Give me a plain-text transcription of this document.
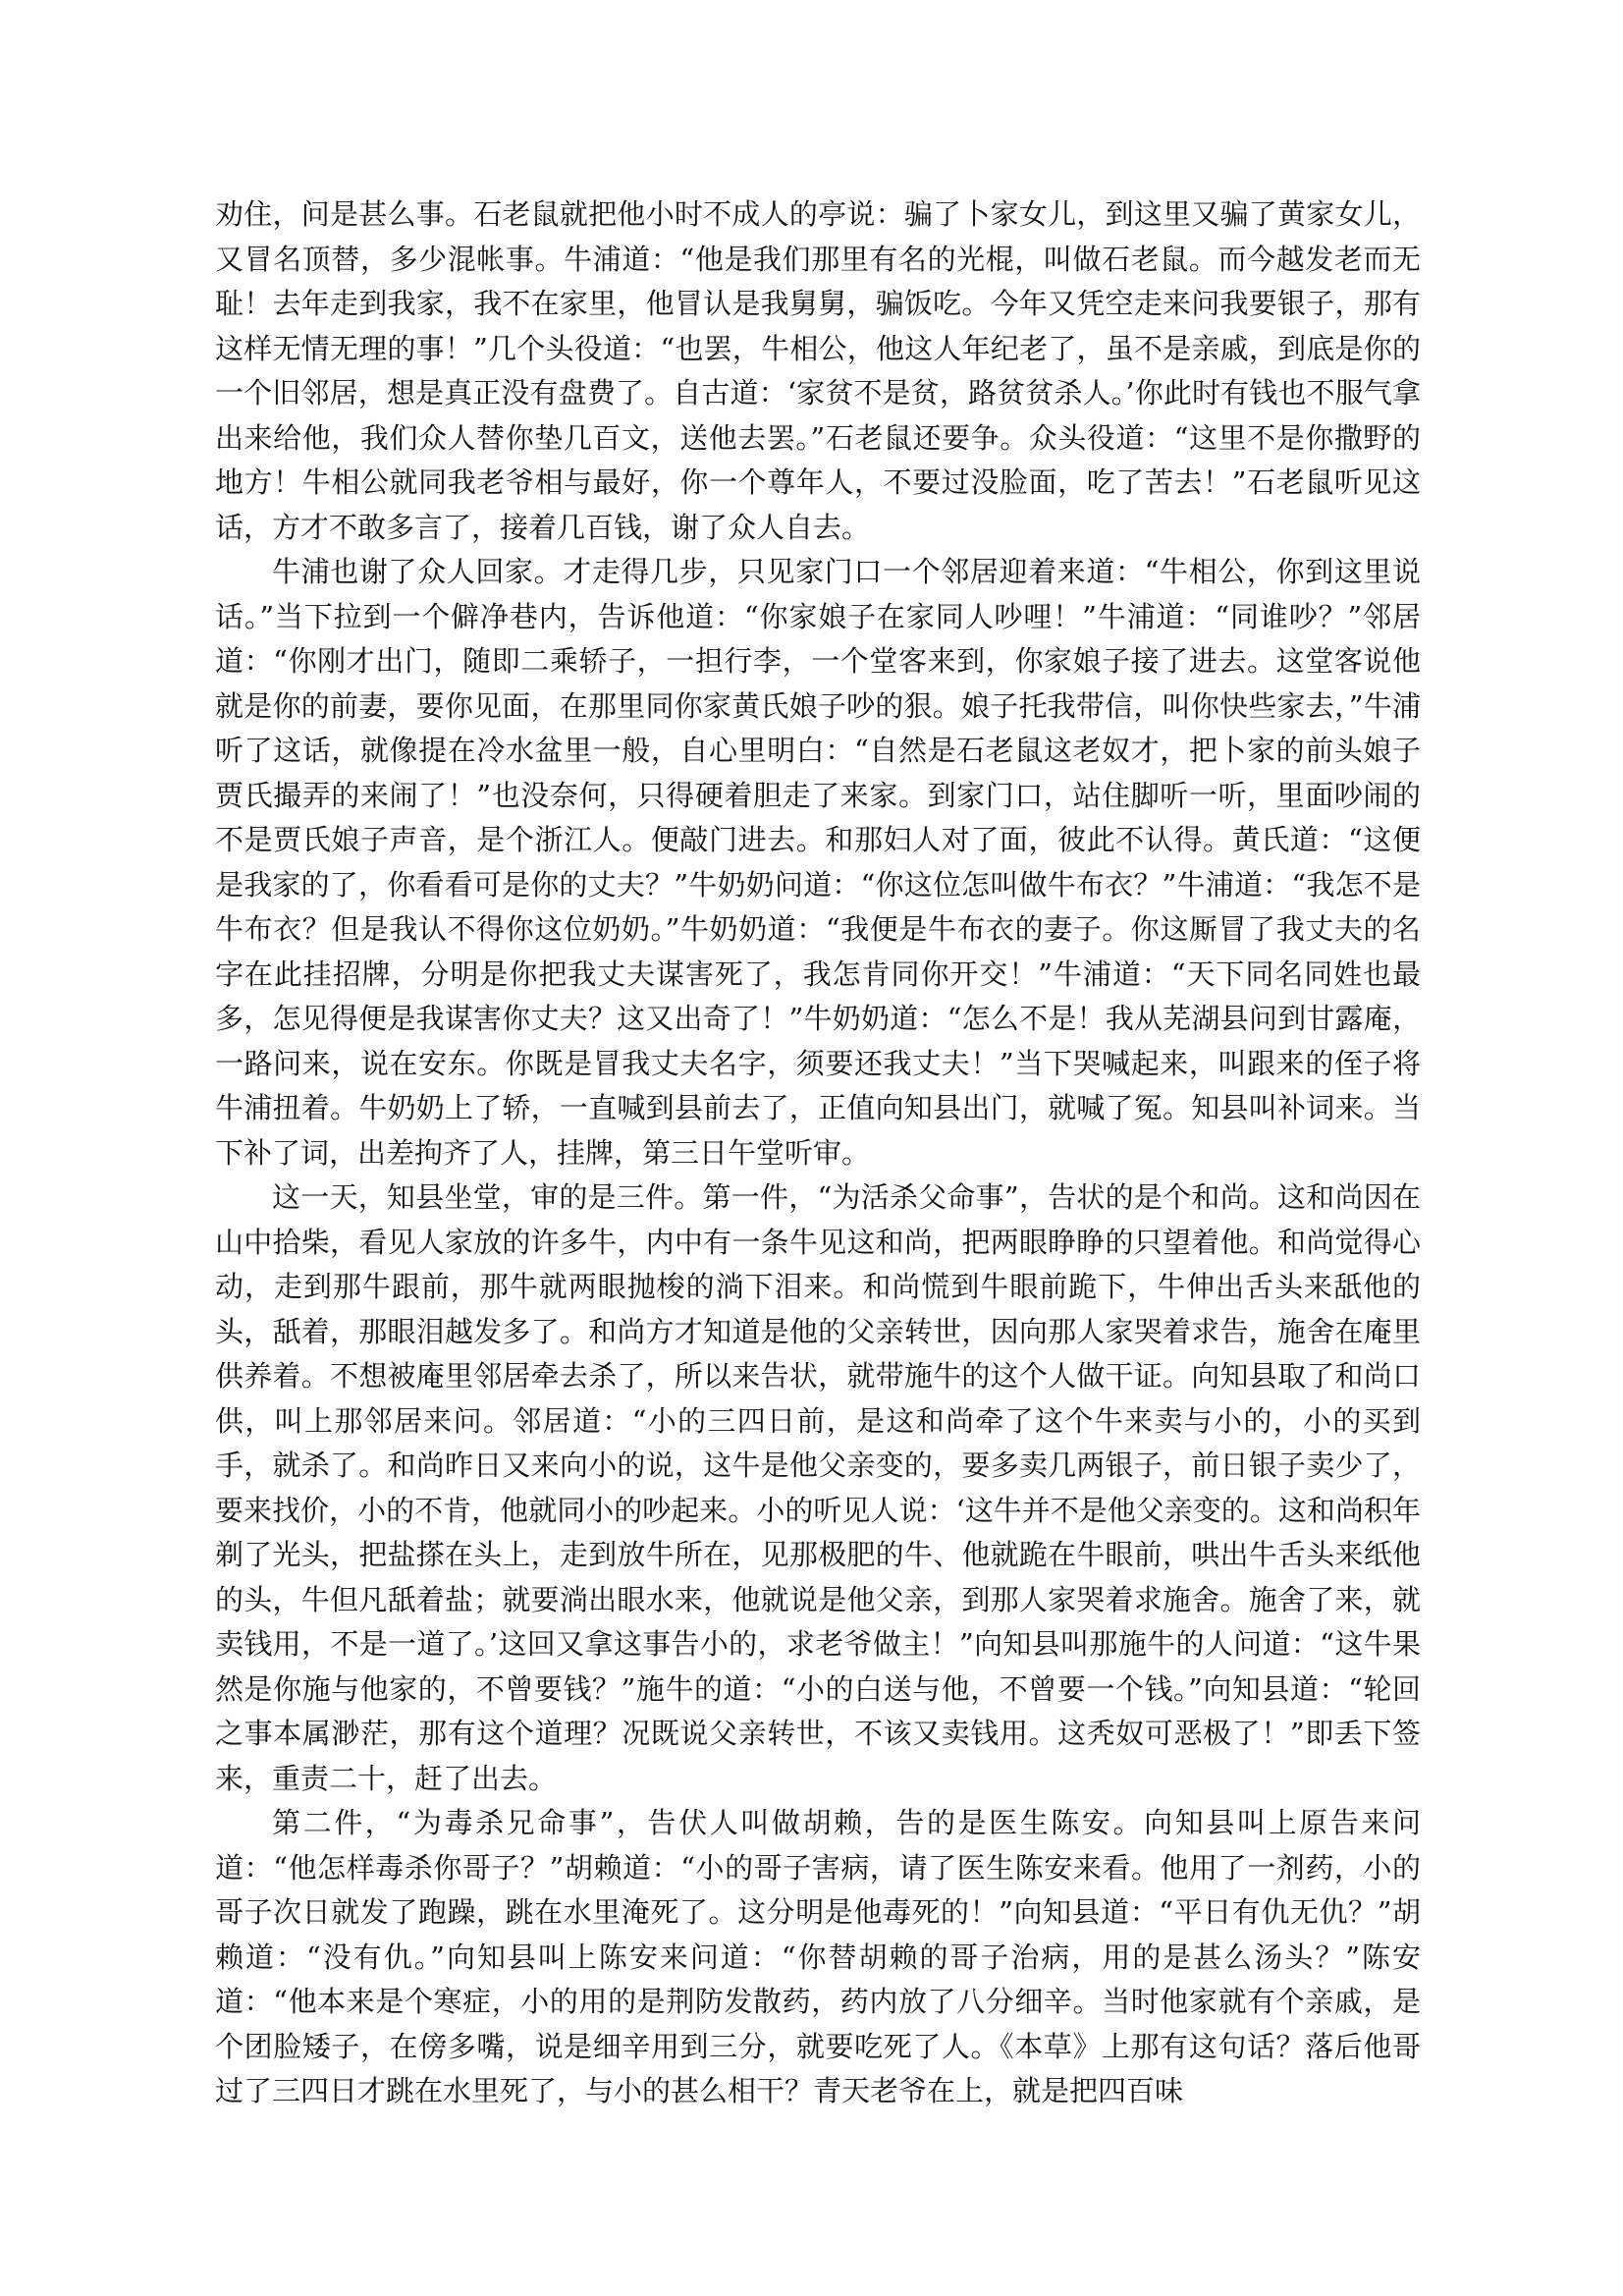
劝住，问是甚么事。石老鼠就把他小时不成人的亭说：骗了卜家女儿，到这里又骗了黄家女儿，又冒名顶替，多少混帐事。牛浦道：“他是我们那里有名的光棍，叫做石老鼠。而今越发老而无耻！去年走到我家，我不在家里，他冒认是我舅舅，骗饭吃。今年又凭空走来问我要银子，那有这样无情无理的事！”几个头役道：“也罢，牛相公，他这人年纪老了，虽不是亲戚，到底是你的一个旧邻居，想是真正没有盘费了。自古道：‘家贫不是贫，路贫贫杀人。’你此时有钱也不服气拿出来给他，我们众人替你垫几百文，送他去罢。”石老鼠还要争。众头役道：“这里不是你撒野的地方！牛相公就同我老爷相与最好，你一个尊年人，不要过没脸面，吃了苦去！”石老鼠听见这话，方才不敢多言了，接着几百钱，谢了众人自去。

牛浦也谢了众人回家。才走得几步，只见家门口一个邻居迎着来道：“牛相公，你到这里说话。”当下拉到一个僻净巷内，告诉他道：“你家娘子在家同人吵哩！”牛浦道：“同谁吵？”邻居道：“你刚才出门，随即二乘轿子，一担行李，一个堂客来到，你家娘子接了进去。这堂客说他就是你的前妻，要你见面，在那里同你家黄氏娘子吵的狠。娘子托我带信，叫你快些家去，”牛浦听了这话，就像提在冷水盆里一般，自心里明白：“自然是石老鼠这老奴才，把卜家的前头娘子贾氏撮弄的来闹了！”也没奈何，只得硬着胆走了来家。到家门口，站住脚听一听，里面吵闹的不是贾氏娘子声音，是个浙江人。便敲门进去。和那妇人对了面，彼此不认得。黄氏道：“这便是我家的了，你看看可是你的丈夫？”牛奶奶问道：“你这位怎叫做牛布衣？”牛浦道：“我怎不是牛布衣？但是我认不得你这位奶奶。”牛奶奶道：“我便是牛布衣的妻子。你这厮冒了我丈夫的名字在此挂招牌，分明是你把我丈夫谋害死了，我怎肯同你开交！”牛浦道：“天下同名同姓也最多，怎见得便是我谋害你丈夫？这又出奇了！”牛奶奶道：“怎么不是！我从芜湖县问到甘露庵，一路问来，说在安东。你既是冒我丈夫名字，须要还我丈夫！”当下哭喊起来，叫跟来的侄子将牛浦扭着。牛奶奶上了轿，一直喊到县前去了，正值向知县出门，就喊了冤。知县叫补词来。当下补了词，出差拘齐了人，挂牌，第三日午堂听审。

这一天，知县坐堂，审的是三件。第一件，“为活杀父命事”，告状的是个和尚。这和尚因在山中拾柴，看见人家放的许多牛，内中有一条牛见这和尚，把两眼睁睁的只望着他。和尚觉得心动，走到那牛跟前，那牛就两眼抛梭的淌下泪来。和尚慌到牛眼前跪下，牛伸出舌头来舐他的头，舐着，那眼泪越发多了。和尚方才知道是他的父亲转世，因向那人家哭着求告，施舍在庵里供养着。不想被庵里邻居牵去杀了，所以来告状，就带施牛的这个人做干证。向知县取了和尚口供，叫上那邻居来问。邻居道：“小的三四日前，是这和尚牵了这个牛来卖与小的，小的买到手，就杀了。和尚昨日又来向小的说，这牛是他父亲变的，要多卖几两银子，前日银子卖少了，要来找价，小的不肯，他就同小的吵起来。小的听见人说：‘这牛并不是他父亲变的。这和尚积年剃了光头，把盐搽在头上，走到放牛所在，见那极肥的牛、他就跪在牛眼前，哄出牛舌头来纸他的头，牛但凡舐着盐；就要淌出眼水来，他就说是他父亲，到那人家哭着求施舍。施舍了来，就卖钱用，不是一道了。’这回又拿这事告小的，求老爷做主！”向知县叫那施牛的人问道：“这牛果然是你施与他家的，不曾要钱？”施牛的道：“小的白送与他，不曾要一个钱。”向知县道：“轮回之事本属渺茫，那有这个道理？况既说父亲转世，不该又卖钱用。这秃奴可恶极了！”即丢下签来，重责二十，赶了出去。

第二件，“为毒杀兄命事”，告伏人叫做胡赖，告的是医生陈安。向知县叫上原告来问道：“他怎样毒杀你哥子？”胡赖道：“小的哥子害病，请了医生陈安来看。他用了一剂药，小的哥子次日就发了跑躁，跳在水里淹死了。这分明是他毒死的！”向知县道：“平日有仇无仇？”胡赖道：“没有仇。”向知县叫上陈安来问道：“你替胡赖的哥子治病，用的是甚么汤头？”陈安道：“他本来是个寒症，小的用的是荆防发散药，药内放了八分细辛。当时他家就有个亲戚，是个团脸矮子，在傍多嘴，说是细辛用到三分，就要吃死了人。《本草》上那有这句话？落后他哥过了三四日才跳在水里死了，与小的甚么相干？青天老爷在上，就是把四百味
